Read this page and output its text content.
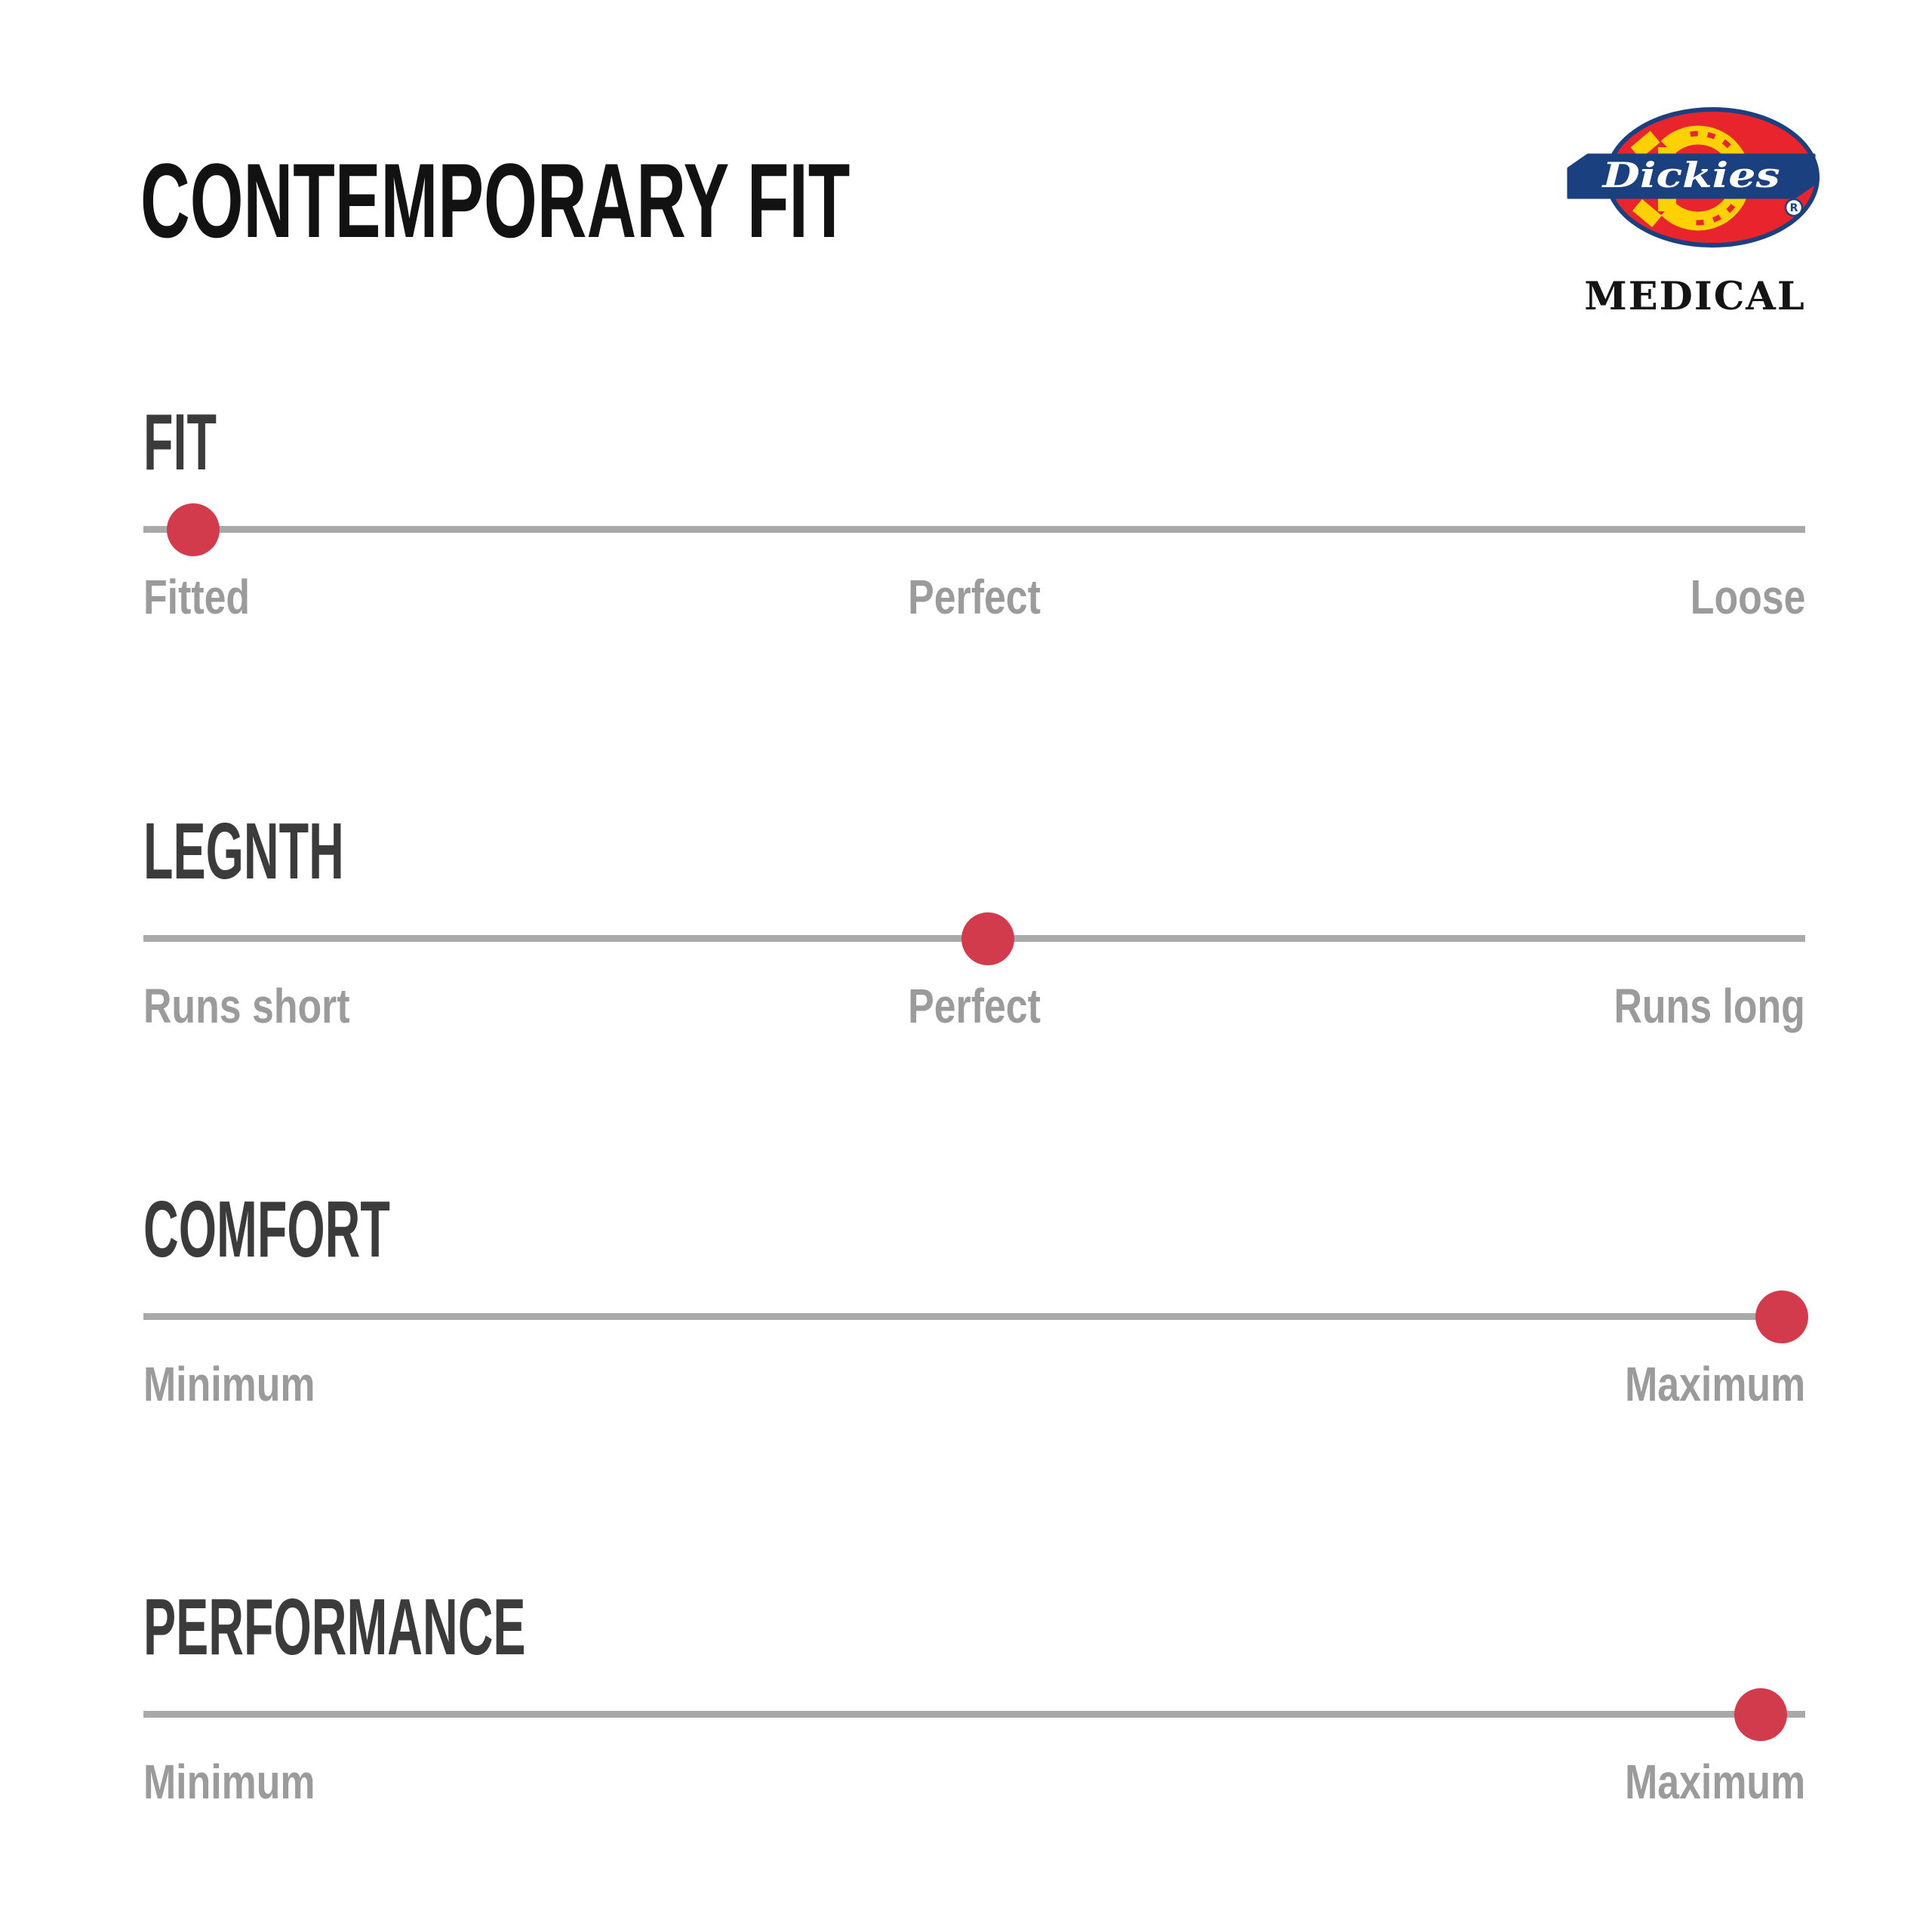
CONTEMPORARY FIT	Dickies
R
MEDICAL
FIT
Fitted	Perfect	Loose
LEGNTH
Runs short	Perfect	Runs long
COMFORT
Minimum	Maximum
PERFORMANCE
Minimum	Maximum
